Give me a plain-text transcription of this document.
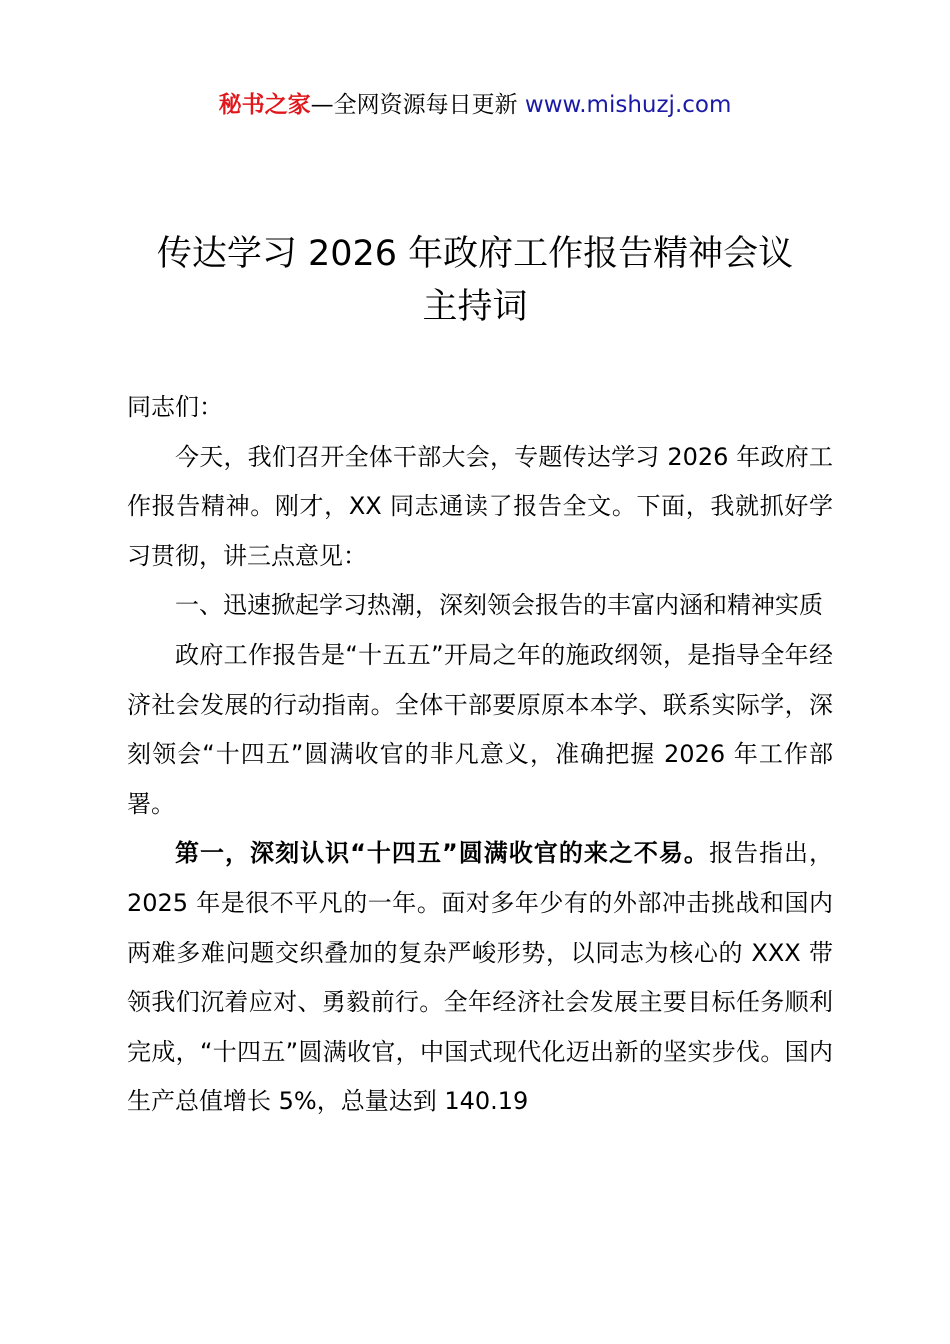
秘书之家—全网资源每日更新 www.mishuzj.com
传达学习 2026 年政府工作报告精神会议
主持词

同志们：

今天，我们召开全体干部大会，专题传达学习 2026 年政府工作报告精神。刚才，XX 同志通读了报告全文。下面，我就抓好学习贯彻，讲三点意见：

一、迅速掀起学习热潮，深刻领会报告的丰富内涵和精神实质

政府工作报告是“十五五”开局之年的施政纲领，是指导全年经济社会发展的行动指南。全体干部要原原本本学、联系实际学，深刻领会“十四五”圆满收官的非凡意义，准确把握 2026 年工作部署。

第一，深刻认识“十四五”圆满收官的来之不易。报告指出，2025 年是很不平凡的一年。面对多年少有的外部冲击挑战和国内两难多难问题交织叠加的复杂严峻形势，以同志为核心的 XXX 带领我们沉着应对、勇毅前行。全年经济社会发展主要目标任务顺利完成，“十四五”圆满收官，中国式现代化迈出新的坚实步伐。国内生产总值增长 5%，总量达到 140.19
